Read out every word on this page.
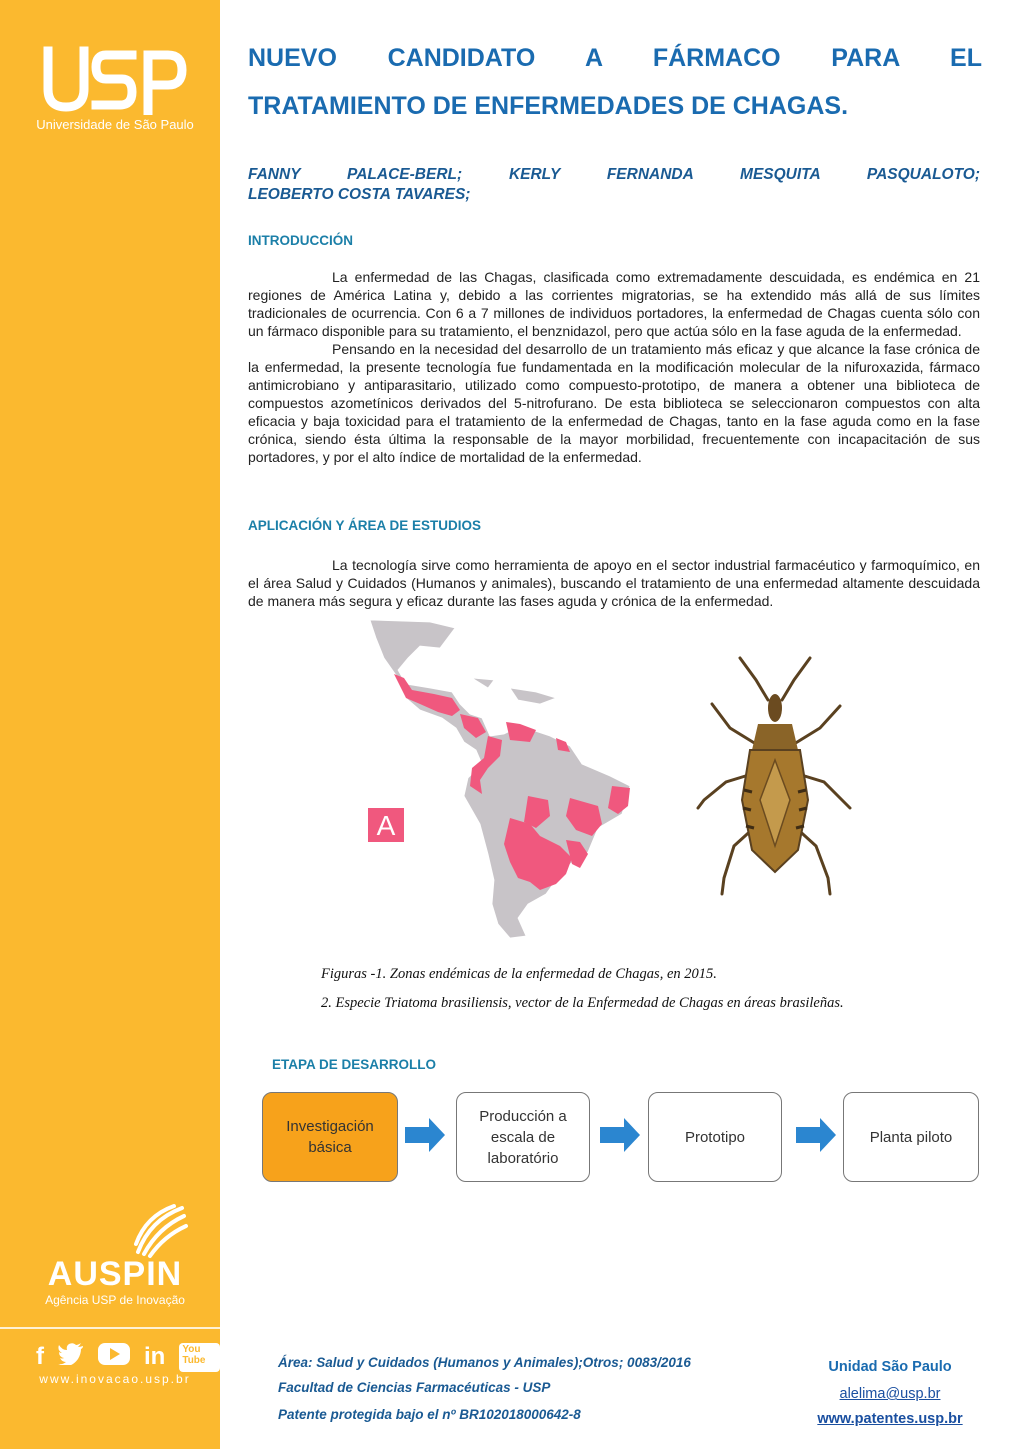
Universidade de São Paulo
AUSPIN
Agência USP de Inovação
f	in	You Tube
www.inovacao.usp.br
NUEVO CANDIDATO A FÁRMACO PARA EL
TRATAMIENTO DE ENFERMEDADES DE CHAGAS.
FANNY PALACE-BERL; KERLY FERNANDA MESQUITA PASQUALOTO;
LEOBERTO COSTA TAVARES;
INTRODUCCIÓN

La enfermedad de las Chagas, clasificada como extremadamente descuidada, es endémica en 21 regiones de América Latina y, debido a las corrientes migratorias, se ha extendido más allá de sus límites tradicionales de ocurrencia. Con 6 a 7 millones de individuos portadores, la enfermedad de Chagas cuenta sólo con un fármaco disponible para su tratamiento, el benznidazol, pero que actúa sólo en la fase aguda de la enfermedad.

Pensando en la necesidad del desarrollo de un tratamiento más eficaz y que alcance la fase crónica de la enfermedad, la presente tecnología fue fundamentada en la modificación molecular de la nifuroxazida, fármaco antimicrobiano y antiparasitario, utilizado como compuesto-prototipo, de manera a obtener una biblioteca de compuestos azometínicos derivados del 5-nitrofurano. De esta biblioteca se seleccionaron compuestos con alta eficacia y baja toxicidad para el tratamiento de la enfermedad de Chagas, tanto en la fase aguda como en la fase crónica, siendo ésta última la responsable de la mayor morbilidad, frecuentemente con incapacitación de sus portadores, y por el alto índice de mortalidad de la enfermedad.

APLICACIÓN Y ÁREA DE ESTUDIOS

La tecnología sirve como herramienta de apoyo en el sector industrial farmacéutico y farmoquímico, en el área Salud y Cuidados (Humanos y animales), buscando el tratamiento de una enfermedad altamente descuidada de manera más segura y eficaz durante las fases aguda y crónica de la enfermedad.

A
Figuras -1. Zonas endémicas de la enfermedad de Chagas, en 2015.
2. Especie Triatoma brasiliensis, vector de la Enfermedad de Chagas en áreas brasileñas.
ETAPA DE DESARROLLO
Investigación básica
Producción a escala de laboratório
Prototipo	Planta piloto
Área: Salud y Cuidados (Humanos y Animales);Otros; 0083/2016
Facultad de Ciencias Farmacéuticas - USP
Patente protegida bajo el nº BR102018000642-8
Unidad São Paulo
alelima@usp.br
www.patentes.usp.br
